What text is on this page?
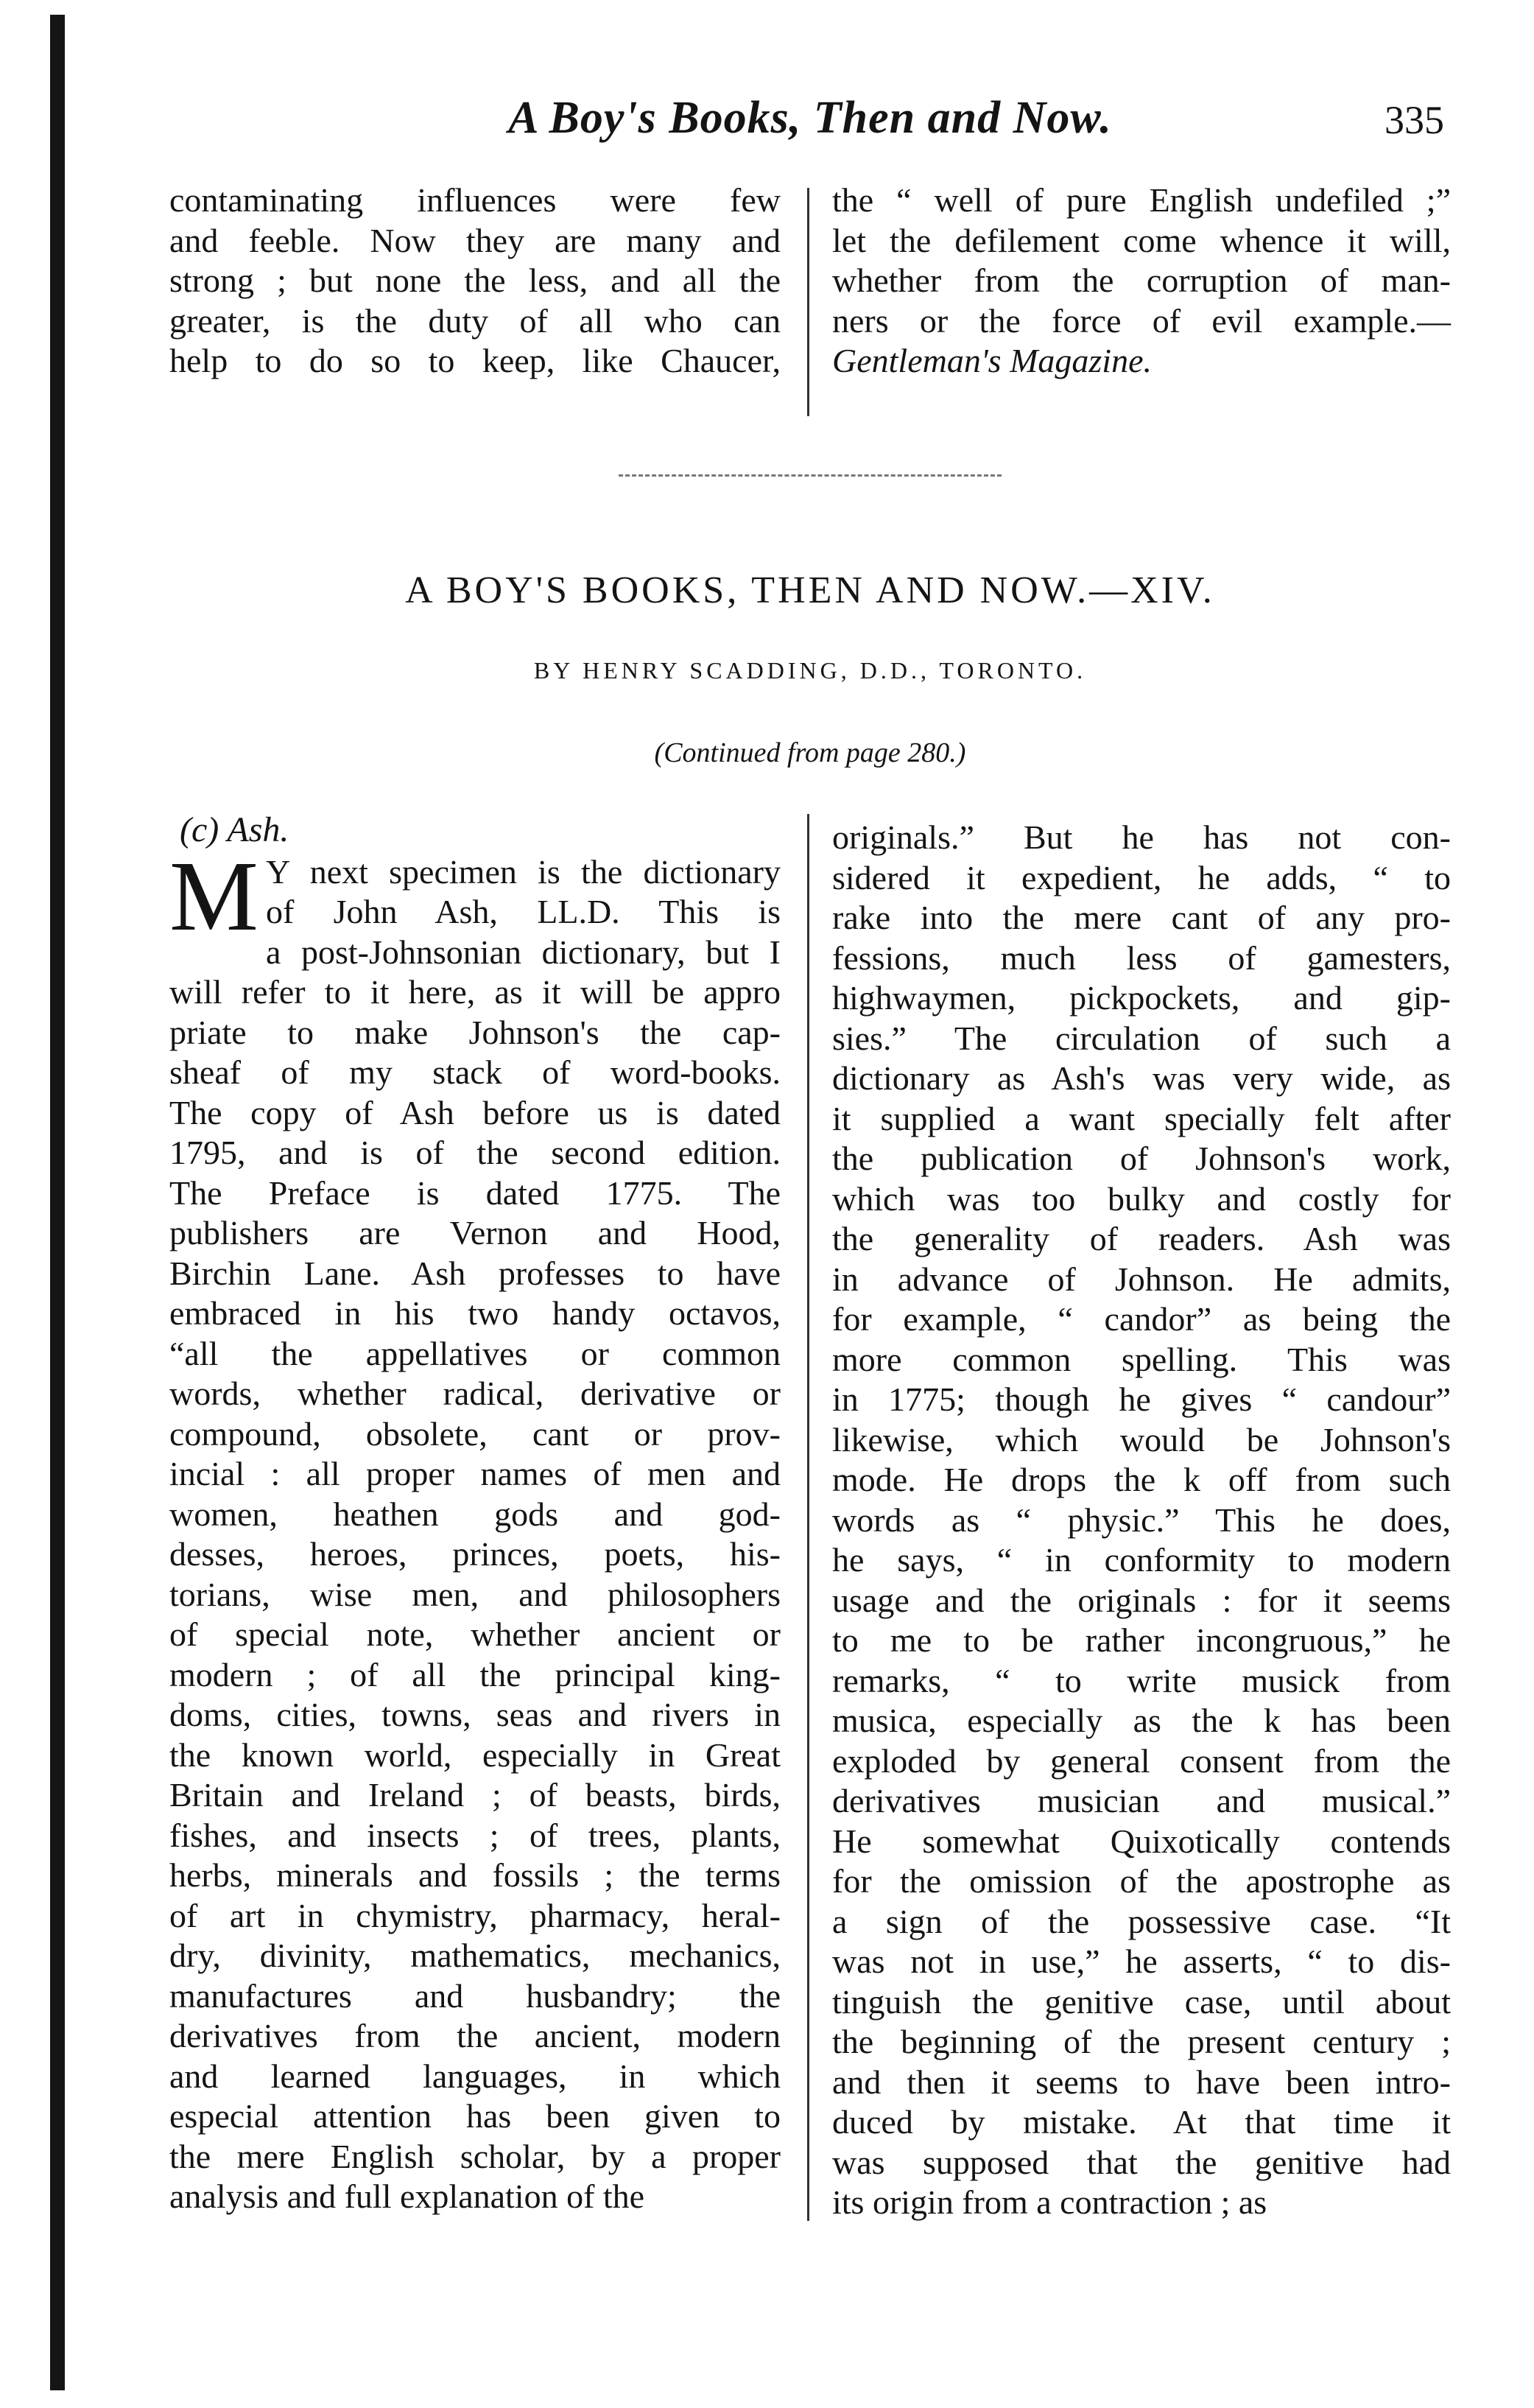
A Boy's Books, Then and Now.	335

contaminating influences were few

and feeble. Now they are many and

strong ; but none the less, and all the

greater, is the duty of all who can

help to do so to keep, like Chaucer,

the “ well of pure English undefiled ;”

let the defilement come whence it will,

whether from the corruption of man-

ners or the force of evil example.—

Gentleman's Magazine.

A BOY'S BOOKS, THEN AND NOW.—XIV.
BY HENRY SCADDING, D.D., TORONTO.
(Continued from page 280.)
(c) Ash.
M Y next specimen is the dictionary

of John Ash, LL.D. This is

a post-Johnsonian dictionary, but I

will refer to it here, as it will be appro

priate to make Johnson's the cap-

sheaf of my stack of word-books.

The copy of Ash before us is dated

1795, and is of the second edition.

The Preface is dated 1775. The

publishers are Vernon and Hood,

Birchin Lane. Ash professes to have

embraced in his two handy octavos,

“all the appellatives or common

words, whether radical, derivative or

compound, obsolete, cant or prov-

incial : all proper names of men and

women, heathen gods and god-

desses, heroes, princes, poets, his-

torians, wise men, and philosophers

of special note, whether ancient or

modern ; of all the principal king-

doms, cities, towns, seas and rivers in

the known world, especially in Great

Britain and Ireland ; of beasts, birds,

fishes, and insects ; of trees, plants,

herbs, minerals and fossils ; the terms

of art in chymistry, pharmacy, heral-

dry, divinity, mathematics, mechanics,

manufactures and husbandry; the

derivatives from the ancient, modern

and learned languages, in which

especial attention has been given to

the mere English scholar, by a proper

analysis and full explanation of the

originals.” But he has not con-

sidered it expedient, he adds, “ to

rake into the mere cant of any pro-

fessions, much less of gamesters,

highwaymen, pickpockets, and gip-

sies.” The circulation of such a

dictionary as Ash's was very wide, as

it supplied a want specially felt after

the publication of Johnson's work,

which was too bulky and costly for

the generality of readers. Ash was

in advance of Johnson. He admits,

for example, “ candor” as being the

more common spelling. This was

in 1775; though he gives “ candour”

likewise, which would be Johnson's

mode. He drops the k off from such

words as “ physic.” This he does,

he says, “ in conformity to modern

usage and the originals : for it seems

to me to be rather incongruous,” he

remarks, “ to write musick from

musica, especially as the k has been

exploded by general consent from the

derivatives musician and musical.”

He somewhat Quixotically contends

for the omission of the apostrophe as

a sign of the possessive case. “It

was not in use,” he asserts, “ to dis-

tinguish the genitive case, until about

the beginning of the present century ;

and then it seems to have been intro-

duced by mistake. At that time it

was supposed that the genitive had

its origin from a contraction ; as
